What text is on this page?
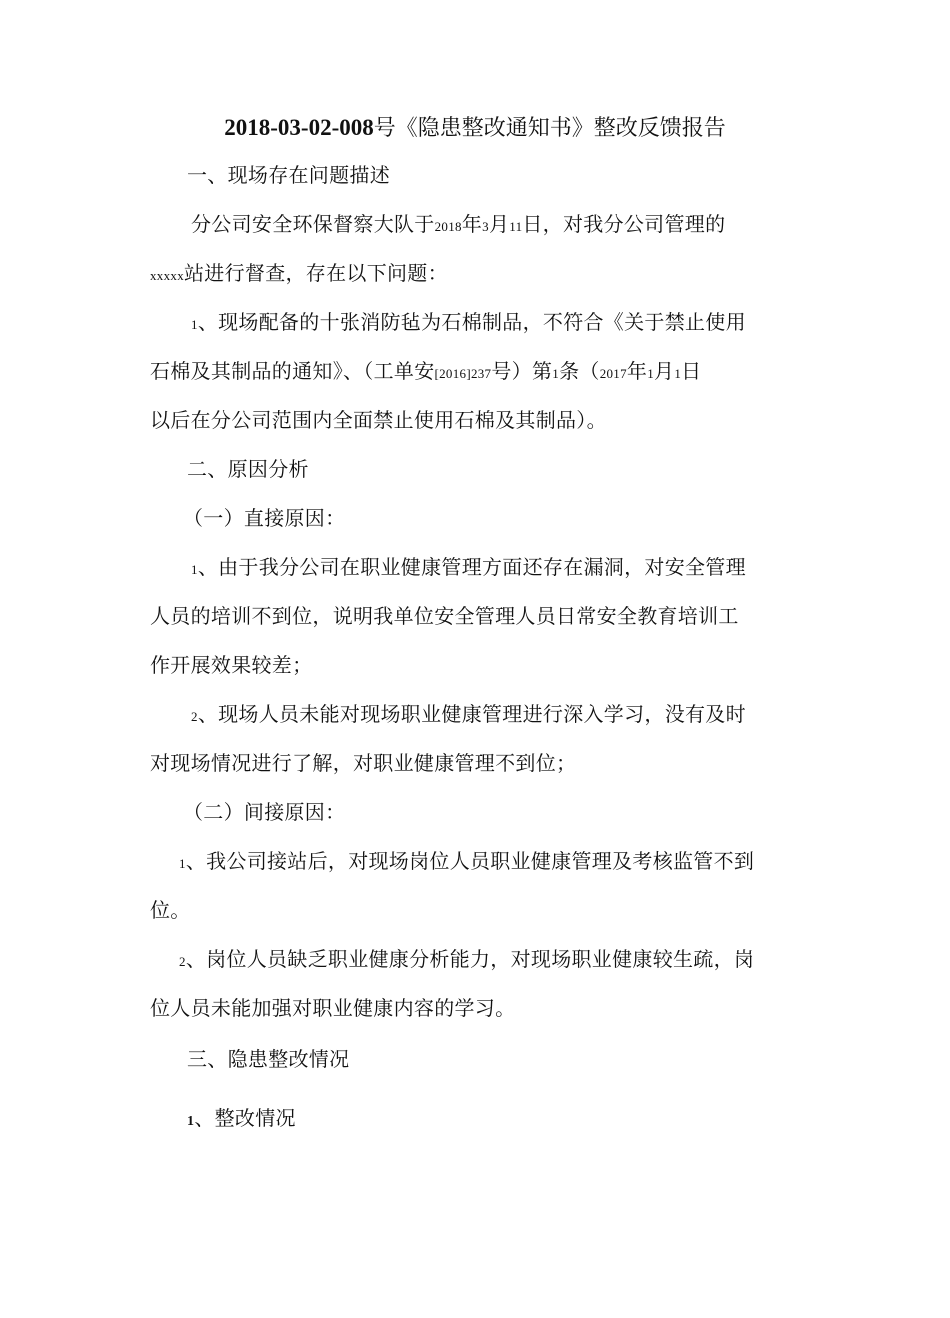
2018-03-02-008号《隐患整改通知书》整改反馈报告
一、现场存在问题描述
分公司安全环保督察大队于2018年3月11日，对我分公司管理的
xxxxx站进行督查，存在以下问题：
1、现场配备的十张消防毡为石棉制品，不符合《关于禁止使用
石棉及其制品的通知》、（工单安[2016]237号）第1条（2017年1月1日
以后在分公司范围内全面禁止使用石棉及其制品）。
二、原因分析
（一）直接原因：
1、由于我分公司在职业健康管理方面还存在漏洞，对安全管理
人员的培训不到位，说明我单位安全管理人员日常安全教育培训工
作开展效果较差；
2、现场人员未能对现场职业健康管理进行深入学习，没有及时
对现场情况进行了解，对职业健康管理不到位；
（二）间接原因：
1、我公司接站后，对现场岗位人员职业健康管理及考核监管不到
位。
2、岗位人员缺乏职业健康分析能力，对现场职业健康较生疏，岗
位人员未能加强对职业健康内容的学习。
三、隐患整改情况
1、整改情况
